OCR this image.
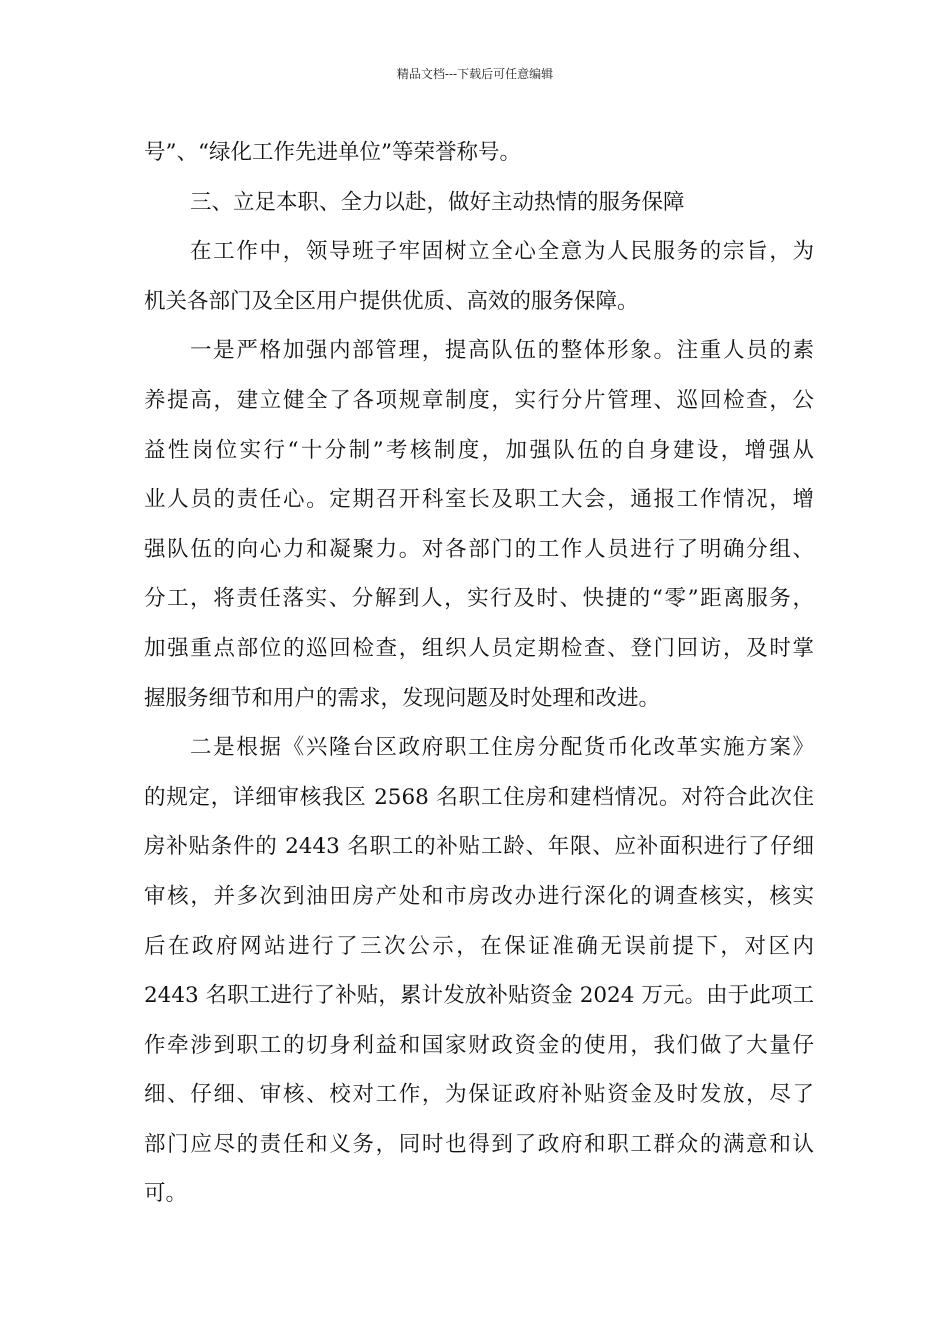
精品文档---下载后可任意编辑
号”、“绿化工作先进单位”等荣誉称号。
三、立足本职、全力以赴，做好主动热情的服务保障
在工作中，领导班子牢固树立全心全意为人民服务的宗旨，为
机关各部门及全区用户提供优质、高效的服务保障。
一是严格加强内部管理，提高队伍的整体形象。注重人员的素
养提高，建立健全了各项规章制度，实行分片管理、巡回检查，公
益性岗位实行“十分制”考核制度，加强队伍的自身建设，增强从
业人员的责任心。定期召开科室长及职工大会，通报工作情况，增
强队伍的向心力和凝聚力。对各部门的工作人员进行了明确分组、
分工，将责任落实、分解到人，实行及时、快捷的“零”距离服务，
加强重点部位的巡回检查，组织人员定期检查、登门回访，及时掌
握服务细节和用户的需求，发现问题及时处理和改进。
二是根据《兴隆台区政府职工住房分配货币化改革实施方案》
的规定，详细审核我区 2568 名职工住房和建档情况。对符合此次住
房补贴条件的 2443 名职工的补贴工龄、年限、应补面积进行了仔细
审核，并多次到油田房产处和市房改办进行深化的调查核实，核实
后在政府网站进行了三次公示，在保证准确无误前提下，对区内
2443 名职工进行了补贴，累计发放补贴资金 2024 万元。由于此项工
作牵涉到职工的切身利益和国家财政资金的使用，我们做了大量仔
细、仔细、审核、校对工作，为保证政府补贴资金及时发放，尽了
部门应尽的责任和义务，同时也得到了政府和职工群众的满意和认
可。
